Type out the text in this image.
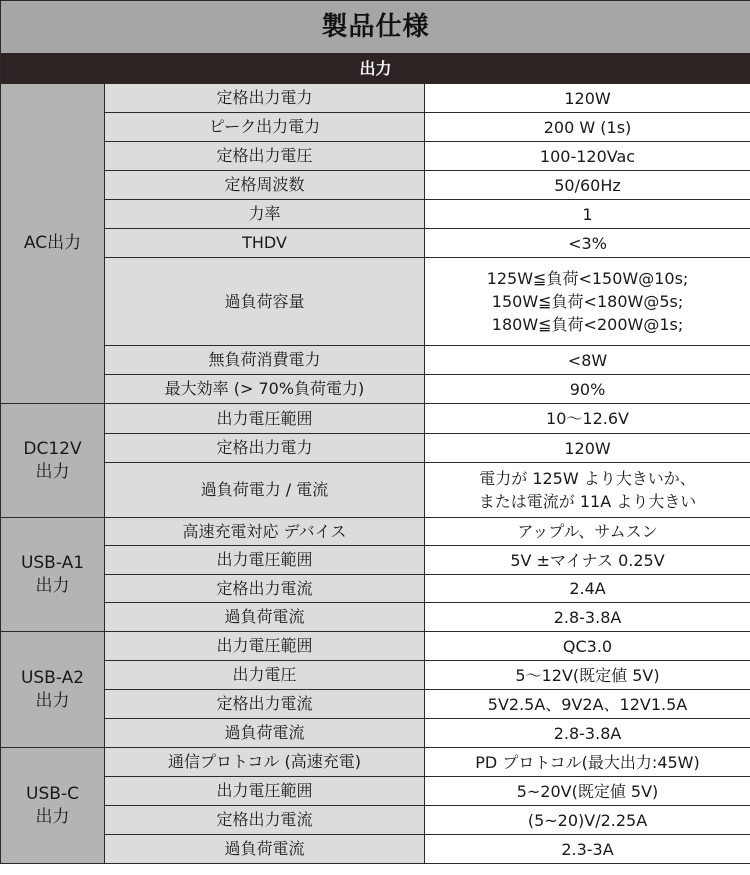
製品仕様		
出力		
AC出力	定格出力電力	120W
	ピーク出力電力	200 W (1s)
	定格出力電圧	100-120Vac
	定格周波数	50/60Hz
	力率	1
	THDV	<3%
	過負荷容量	125W≦負荷<150W@10s;
150W≦負荷<180W@5s;
180W≦負荷<200W@1s;
	無負荷消費電力	<8W
	最大効率 (> 70%負荷電力)	90%
DC12V
出力	出力電圧範囲	10〜12.6V
	定格出力電力	120W
	過負荷電力 / 電流	電力が 125W より大きいか、
または電流が 11A より大きい
USB-A1
出力	高速充電対応 デバイス	アップル、サムスン
	出力電圧範囲	5V ±マイナス 0.25V
	定格出力電流	2.4A
	過負荷電流	2.8-3.8A
USB-A2
出力	出力電圧範囲	QC3.0
	出力電圧	5〜12V(既定値 5V)
	定格出力電流	5V2.5A、9V2A、12V1.5A
	過負荷電流	2.8-3.8A
USB-C
出力	通信プロトコル (高速充電)	PD プロトコル(最大出力:45W)
	出力電圧範囲	5~20V(既定値 5V)
	定格出力電流	(5~20)V/2.25A
	過負荷電流	2.3-3A
